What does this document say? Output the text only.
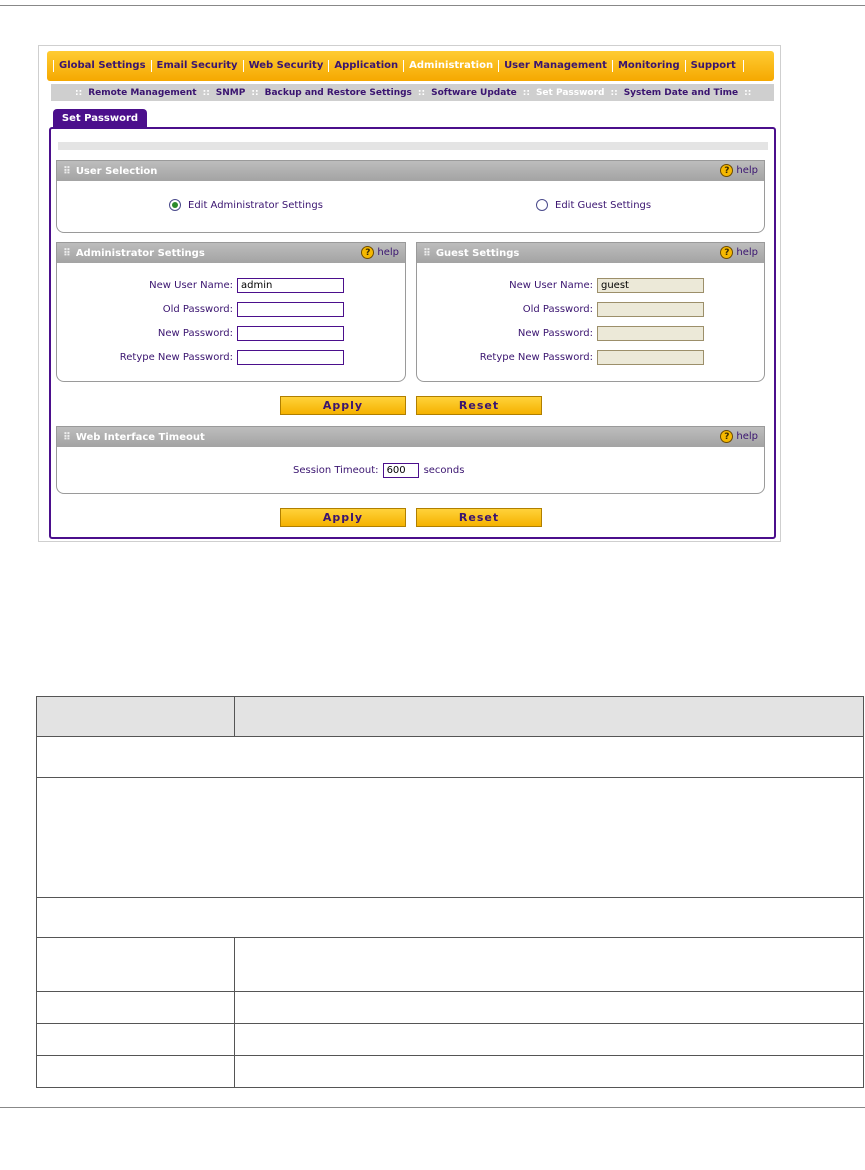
Global Settings	Email Security	Web Security	Application	Administration	User Management	Monitoring	Support
:: Remote Management :: SNMP :: Backup and Restore Settings :: Software Update :: Set Password :: System Date and Time ::
Set Password
⠿ User Selection	? help
Edit Administrator Settings	Edit Guest Settings
⠿ Administrator Settings	? help
New User Name:
admin
Old Password:
New Password:
Retype New Password:
⠿ Guest Settings	? help
New User Name:
guest
Old Password:
New Password:
Retype New Password:
Apply	Reset
⠿ Web Interface Timeout	? help
Session Timeout:
600	seconds
Apply	Reset
